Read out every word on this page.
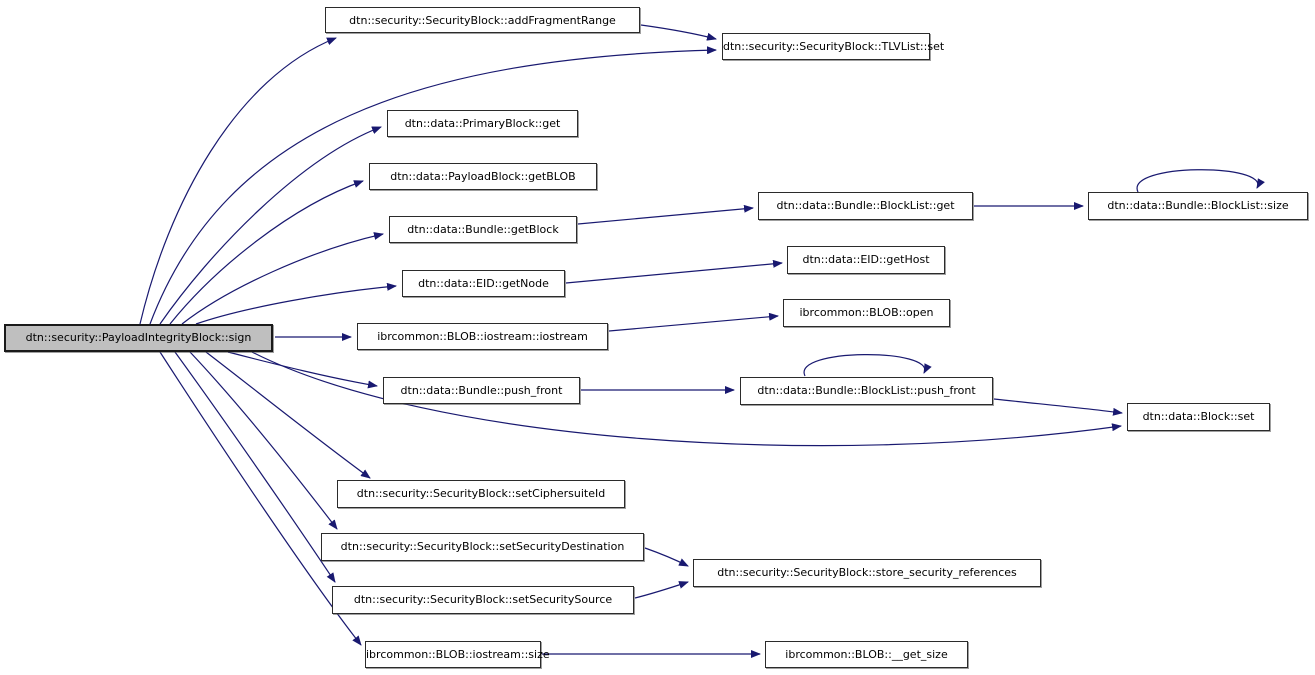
dtn::security::PayloadIntegrityBlock::sign
dtn::security::SecurityBlock::addFragmentRange
dtn::security::SecurityBlock::TLVList::set
dtn::data::PrimaryBlock::get
dtn::data::PayloadBlock::getBLOB
dtn::data::Bundle::getBlock
dtn::data::EID::getNode
ibrcommon::BLOB::iostream::iostream
dtn::data::Bundle::push_front
dtn::data::Bundle::BlockList::get
dtn::data::EID::getHost
ibrcommon::BLOB::open
dtn::data::Bundle::BlockList::size
dtn::data::Bundle::BlockList::push_front
dtn::data::Block::set
dtn::security::SecurityBlock::setCiphersuiteId
dtn::security::SecurityBlock::setSecurityDestination
dtn::security::SecurityBlock::setSecuritySource
dtn::security::SecurityBlock::store_security_references
ibrcommon::BLOB::iostream::size	ibrcommon::BLOB::__get_size
